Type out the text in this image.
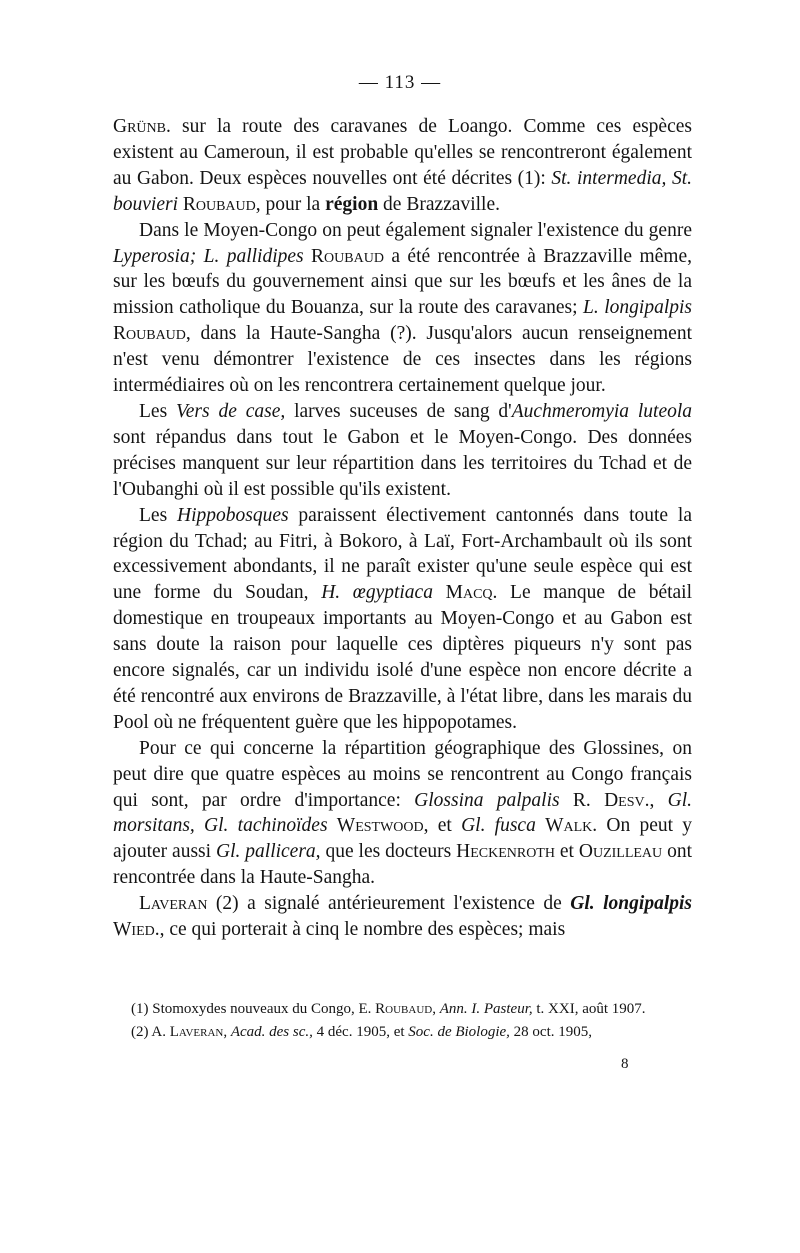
— 113 —

Grünb. sur la route des caravanes de Loango. Comme ces espèces existent au Cameroun, il est probable qu'elles se rencontreront également au Gabon. Deux espèces nouvelles ont été décrites (1): St. intermedia, St. bouvieri Roubaud, pour la région de Brazzaville.

Dans le Moyen-Congo on peut également signaler l'existence du genre Lyperosia; L. pallidipes Roubaud a été rencontrée à Brazzaville même, sur les bœufs du gouvernement ainsi que sur les bœufs et les ânes de la mission catholique du Bouanza, sur la route des caravanes; L. longipalpis Roubaud, dans la Haute-Sangha (?). Jusqu'alors aucun renseignement n'est venu démontrer l'existence de ces insectes dans les régions intermédiaires où on les rencontrera certainement quelque jour.

Les Vers de case, larves suceuses de sang d'Auchmeromyia luteola sont répandus dans tout le Gabon et le Moyen-Congo. Des données précises manquent sur leur répartition dans les territoires du Tchad et de l'Oubanghi où il est possible qu'ils existent.

Les Hippobosques paraissent électivement cantonnés dans toute la région du Tchad; au Fitri, à Bokoro, à Laï, Fort-Archambault où ils sont excessivement abondants, il ne paraît exister qu'une seule espèce qui est une forme du Soudan, H. œgyptiaca Macq. Le manque de bétail domestique en troupeaux importants au Moyen-Congo et au Gabon est sans doute la raison pour laquelle ces diptères piqueurs n'y sont pas encore signalés, car un individu isolé d'une espèce non encore décrite a été rencontré aux environs de Brazzaville, à l'état libre, dans les marais du Pool où ne fréquentent guère que les hippopotames.

Pour ce qui concerne la répartition géographique des Glossines, on peut dire que quatre espèces au moins se rencontrent au Congo français qui sont, par ordre d'importance: Glossina palpalis R. Desv., Gl. morsitans, Gl. tachinoïdes Westwood, et Gl. fusca Walk. On peut y ajouter aussi Gl. pallicera, que les docteurs Heckenroth et Ouzilleau ont rencontrée dans la Haute-Sangha.

Laveran (2) a signalé antérieurement l'existence de Gl. longipalpis Wied., ce qui porterait à cinq le nombre des espèces; mais

(1) Stomoxydes nouveaux du Congo, E. Roubaud, Ann. I. Pasteur, t. XXI, août 1907.

(2) A. Laveran, Acad. des sc., 4 déc. 1905, et Soc. de Biologie, 28 oct. 1905,

8
